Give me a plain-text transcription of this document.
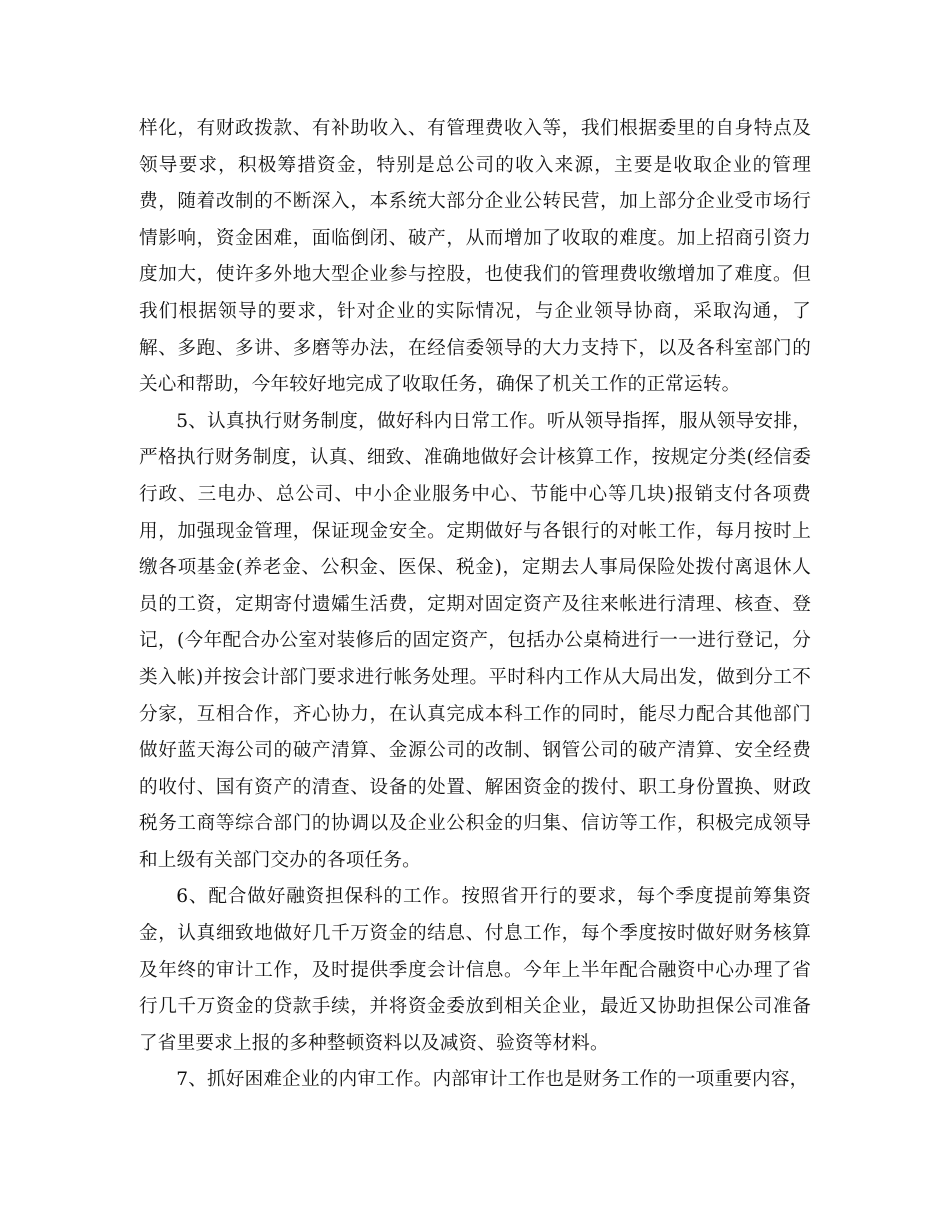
样化，有财政拨款、有补助收入、有管理费收入等，我们根据委里的自身特点及领导要求，积极筹措资金，特别是总公司的收入来源，主要是收取企业的管理费，随着改制的不断深入，本系统大部分企业公转民营，加上部分企业受市场行情影响，资金困难，面临倒闭、破产，从而增加了收取的难度。加上招商引资力度加大，使许多外地大型企业参与控股，也使我们的管理费收缴增加了难度。但我们根据领导的要求，针对企业的实际情况，与企业领导协商，采取沟通，了解、多跑、多讲、多磨等办法，在经信委领导的大力支持下，以及各科室部门的关心和帮助，今年较好地完成了收取任务，确保了机关工作的正常运转。

5、认真执行财务制度，做好科内日常工作。听从领导指挥，服从领导安排，严格执行财务制度，认真、细致、准确地做好会计核算工作，按规定分类(经信委行政、三电办、总公司、中小企业服务中心、节能中心等几块)报销支付各项费用，加强现金管理，保证现金安全。定期做好与各银行的对帐工作，每月按时上缴各项基金(养老金、公积金、医保、税金)，定期去人事局保险处拨付离退休人员的工资，定期寄付遗孀生活费，定期对固定资产及往来帐进行清理、核查、登记，(今年配合办公室对装修后的固定资产，包括办公桌椅进行一一进行登记，分类入帐)并按会计部门要求进行帐务处理。平时科内工作从大局出发，做到分工不分家，互相合作，齐心协力，在认真完成本科工作的同时，能尽力配合其他部门做好蓝天海公司的破产清算、金源公司的改制、钢管公司的破产清算、安全经费的收付、国有资产的清查、设备的处置、解困资金的拨付、职工身份置换、财政税务工商等综合部门的协调以及企业公积金的归集、信访等工作，积极完成领导和上级有关部门交办的各项任务。

6、配合做好融资担保科的工作。按照省开行的要求，每个季度提前筹集资金，认真细致地做好几千万资金的结息、付息工作，每个季度按时做好财务核算及年终的审计工作，及时提供季度会计信息。今年上半年配合融资中心办理了省行几千万资金的贷款手续，并将资金委放到相关企业，最近又协助担保公司准备了省里要求上报的多种整顿资料以及减资、验资等材料。

7、抓好困难企业的内审工作。内部审计工作也是财务工作的一项重要内容，
